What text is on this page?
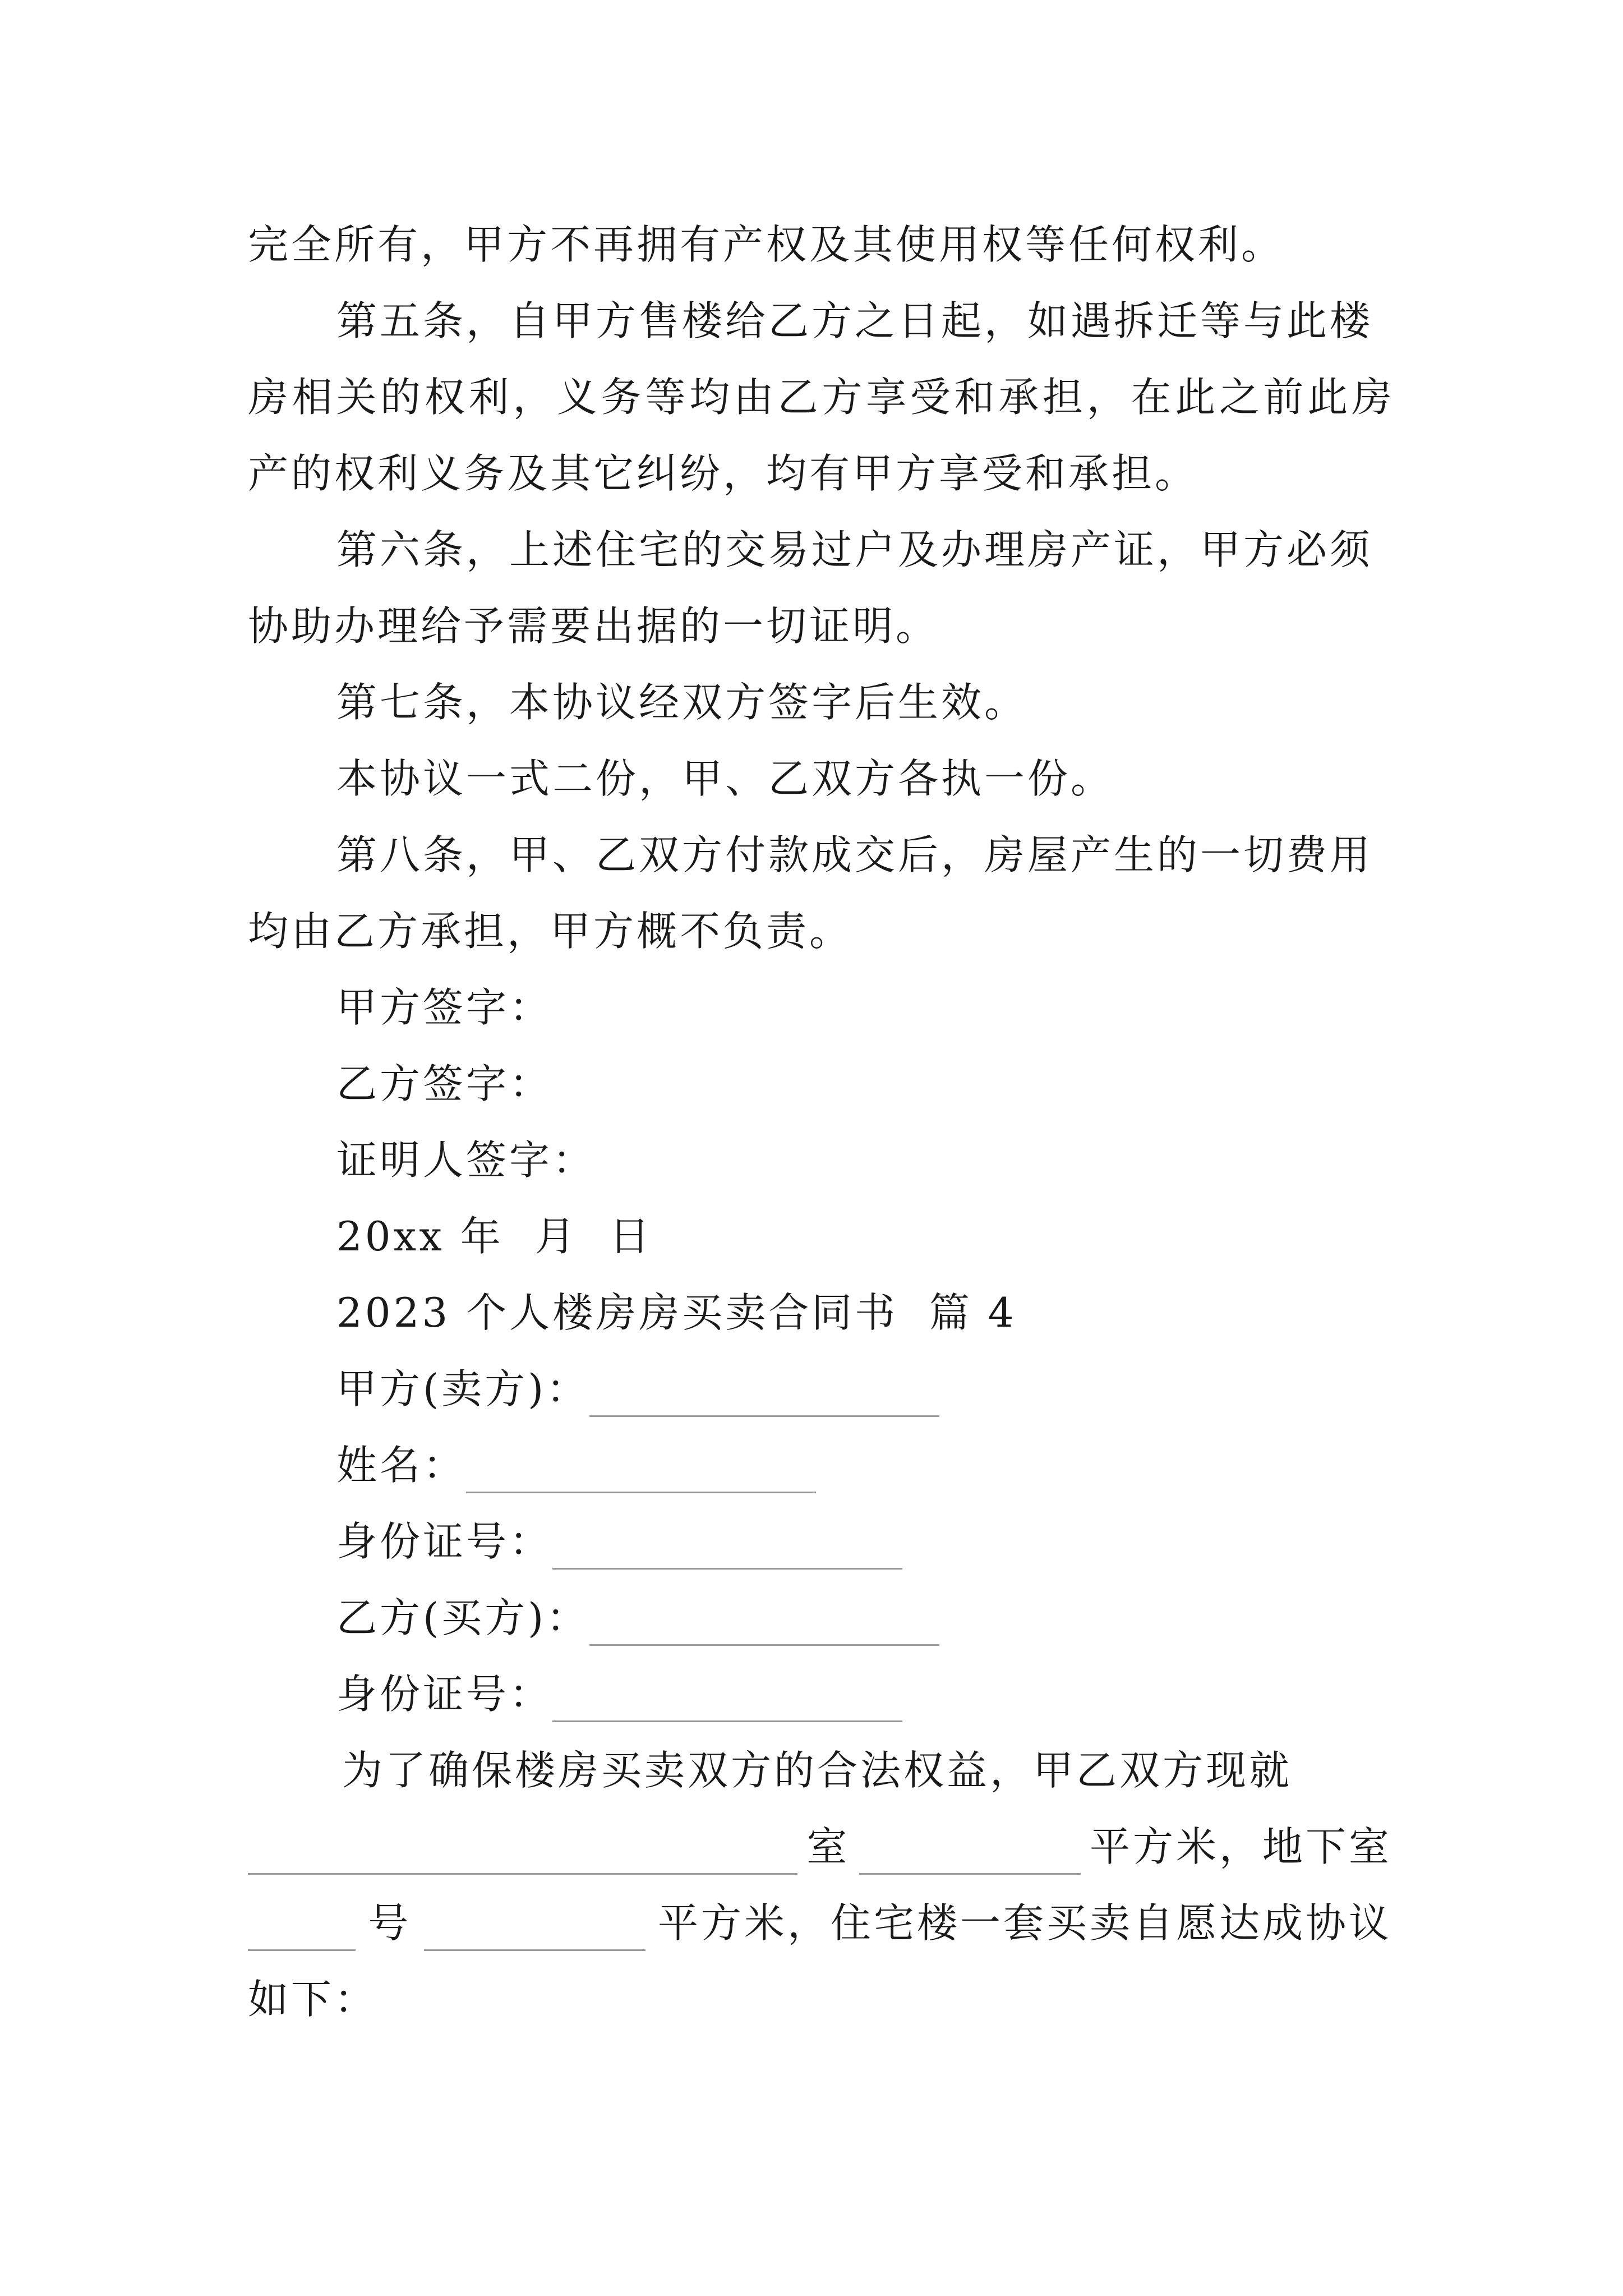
完全所有，甲方不再拥有产权及其使用权等任何权利。
第五条，自甲方售楼给乙方之日起，如遇拆迁等与此楼
房相关的权利，义务等均由乙方享受和承担，在此之前此房
产的权利义务及其它纠纷，均有甲方享受和承担。
第六条，上述住宅的交易过户及办理房产证，甲方必须
协助办理给予需要出据的一切证明。
第七条，本协议经双方签字后生效。
本协议一式二份，甲、乙双方各执一份。
第八条，甲、乙双方付款成交后，房屋产生的一切费用
均由乙方承担，甲方概不负责。
甲方签字：
乙方签字：
证明人签字：
20xx 年  月  日
2023 个人楼房房买卖合同书  篇 4
甲方(卖方)：
姓名：
身份证号：
乙方(买方)：
身份证号：
为了确保楼房买卖双方的合法权益，甲乙双方现就
室	平方米，地下室
号	平方米，住宅楼一套买卖自愿达成协议
如下：
